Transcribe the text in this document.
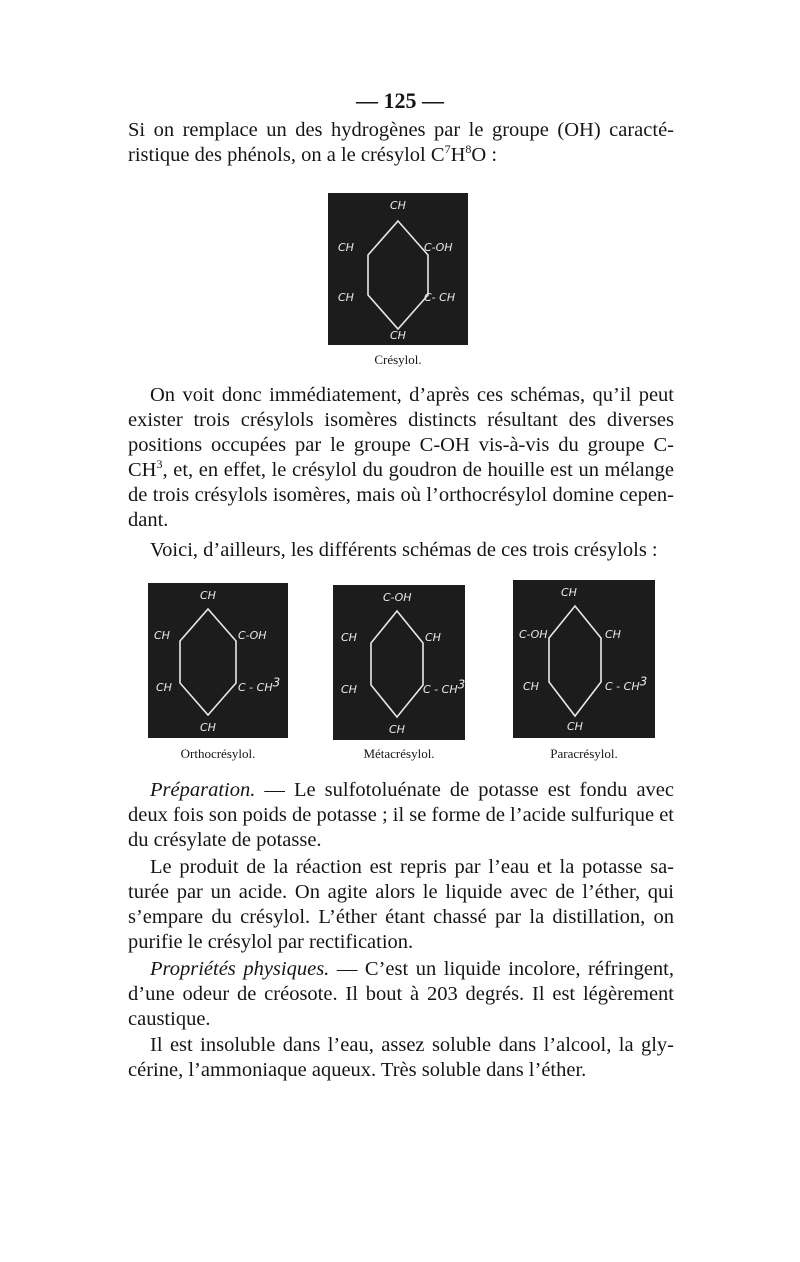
— 125 —

Si on remplace un des hydrogènes par le groupe (OH) caracté- ristique des phénols, on a le crésylol $C^7H^8O$ :

CH
CH	C-OH
CH	C- CH
CH
Crésylol.

On voit donc immédiatement, d’après ces schémas, qu’il peut exister trois crésylols isomères distincts résultant des diverses positions occupées par le groupe C-OH vis-à-vis du groupe $C-CH^3$, et, en effet, le crésylol du goudron de houille est un mélange de trois crésylols isomères, mais où l’orthocrésylol domine cepen- dant.

Voici, d’ailleurs, les différents schémas de ces trois crésylols :

CH
CH	C-OH
CH	C - $CH^3$
CH
Orthocrésylol.
C-OH
CH	CH
CH	C - $CH^3$
CH
Métacrésylol.
CH
C-OH	CH
CH	C - $CH^3$
CH
Paracrésylol.

Préparation. — Le sulfotoluénate de potasse est fondu avec deux fois son poids de potasse ; il se forme de l’acide sulfurique et du crésylate de potasse.

Le produit de la réaction est repris par l’eau et la potasse sa- turée par un acide. On agite alors le liquide avec de l’éther, qui s’empare du crésylol. L’éther étant chassé par la distillation, on purifie le crésylol par rectification.

Propriétés physiques. — C’est un liquide incolore, réfringent, d’une odeur de créosote. Il bout à 203 degrés. Il est légèrement caustique.

Il est insoluble dans l’eau, assez soluble dans l’alcool, la gly- cérine, l’ammoniaque aqueux. Très soluble dans l’éther.
